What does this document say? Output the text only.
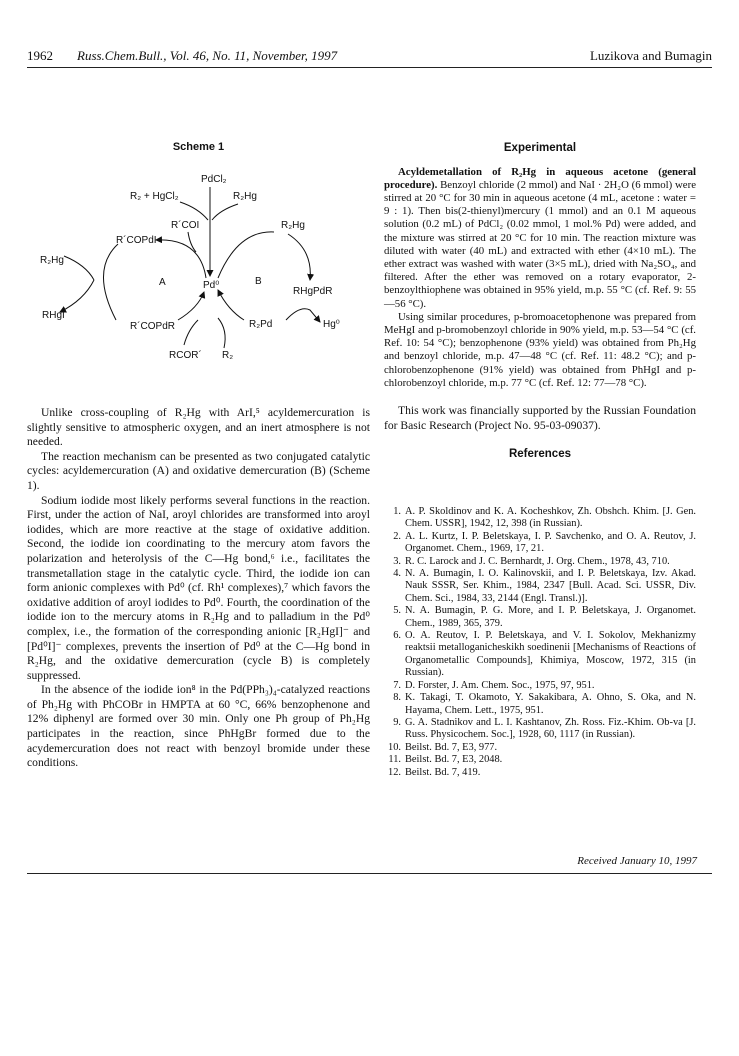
1962 Russ.Chem.Bull., Vol. 46, No. 11, November, 1997	Luzikova and Bumagin
Scheme 1
PdCl₂
R₂ + HgCl₂	R₂Hg
R´COI	R₂Hg
R´COPdI
R₂Hg
A	Pd⁰	B
RHgPdR
RHgI
R´COPdR	R₂Pd	Hg⁰
RCOR´ R₂

Unlike cross-coupling of R₂Hg with ArI,⁵ acyldemercuration is slightly sensitive to atmospheric oxygen, and an inert atmosphere is not needed.

The reaction mechanism can be presented as two conjugated catalytic cycles: acyldemercuration (A) and oxidative demercuration (B) (Scheme 1).

Sodium iodide most likely performs several functions in the reaction. First, under the action of NaI, aroyl chlorides are transformed into aroyl iodides, which are more reactive at the stage of oxidative addition. Second, the iodide ion coordinating to the mercury atom favors the polarization and heterolysis of the C—Hg bond,⁶ i.e., facilitates the transmetallation stage in the catalytic cycle. Third, the iodide ion can form anionic complexes with Pd⁰ (cf. Rh¹ complexes),⁷ which favors the oxidative addition of aroyl iodides to Pd⁰. Fourth, the coordination of the iodide ion to the mercury atoms in R₂Hg and to palladium in the Pd⁰ complex, i.e., the formation of the corresponding anionic [R₂HgI]⁻ and [Pd⁰I]⁻ complexes, prevents the insertion of Pd⁰ at the C—Hg bond in R₂Hg, and the oxidative demercuration (cycle B) is completely suppressed.

In the absence of the iodide ion⁸ in the Pd(PPh₃)₄-catalyzed reactions of Ph₂Hg with PhCOBr in HMPTA at 60 °C, 66% benzophenone and 12% diphenyl are formed over 30 min. Only one Ph group of Ph₂Hg participates in the reaction, since PhHgBr formed due to the acydemercuration does not react with benzoyl bromide under these conditions.

Experimental

Acyldemetallation of R₂Hg in aqueous acetone (general procedure). Benzoyl chloride (2 mmol) and NaI · 2H₂O (6 mmol) were stirred at 20 °C for 30 min in aqueous acetone (4 mL, acetone : water = 9 : 1). Then bis(2-thienyl)mercury (1 mmol) and an 0.1 M aqueous solution (0.2 mL) of PdCl₂ (0.02 mmol, 1 mol.% Pd) were added, and the mixture was stirred at 20 °C for 10 min. The reaction mixture was diluted with water (40 mL) and extracted with ether (4×10 mL). The ether extract was washed with water (3×5 mL), dried with Na₂SO₄, and filtered. After the ether was removed on a rotary evaporator, 2-benzoylthiophene was obtained in 95% yield, m.p. 55 °C (cf. Ref. 9: 55—56 °C).

Using similar procedures, p-bromoacetophenone was prepared from MeHgI and p-bromobenzoyl chloride in 90% yield, m.p. 53—54 °C (cf. Ref. 10: 54 °C); benzophenone (93% yield) was obtained from Ph₂Hg and benzoyl chloride, m.p. 47—48 °C (cf. Ref. 11: 48.2 °C); and p-chlorobenzophenone (91% yield) was obtained from PhHgI and p-chlorobenzoyl chloride, m.p. 77 °C (cf. Ref. 12: 77—78 °C).

This work was financially supported by the Russian Foundation for Basic Research (Project No. 95-03-09037).

References
1. A. P. Skoldinov and K. A. Kocheshkov, Zh. Obshch. Khim. [J. Gen. Chem. USSR], 1942, 12, 398 (in Russian).
2. A. L. Kurtz, I. P. Beletskaya, I. P. Savchenko, and O. A. Reutov, J. Organomet. Chem., 1969, 17, 21.
3. R. C. Larock and J. C. Bernhardt, J. Org. Chem., 1978, 43, 710.
4. N. A. Bumagin, I. O. Kalinovskii, and I. P. Beletskaya, Izv. Akad. Nauk SSSR, Ser. Khim., 1984, 2347 [Bull. Acad. Sci. USSR, Div. Chem. Sci., 1984, 33, 2144 (Engl. Transl.)].
5. N. A. Bumagin, P. G. More, and I. P. Beletskaya, J. Organomet. Chem., 1989, 365, 379.
6. O. A. Reutov, I. P. Beletskaya, and V. I. Sokolov, Mekhanizmy reaktsii metalloganicheskikh soedinenii [Mechanisms of Reactions of Organometallic Compounds], Khimiya, Moscow, 1972, 315 (in Russian).
7. D. Forster, J. Am. Chem. Soc., 1975, 97, 951.
8. K. Takagi, T. Okamoto, Y. Sakakibara, A. Ohno, S. Oka, and N. Hayama, Chem. Lett., 1975, 951.
9. G. A. Stadnikov and L. I. Kashtanov, Zh. Ross. Fiz.-Khim. Ob-va [J. Russ. Physicochem. Soc.], 1928, 60, 1117 (in Russian).
10. Beilst. Bd. 7, E3, 977.
11. Beilst. Bd. 7, E3, 2048.
12. Beilst. Bd. 7, 419.
Received January 10, 1997
